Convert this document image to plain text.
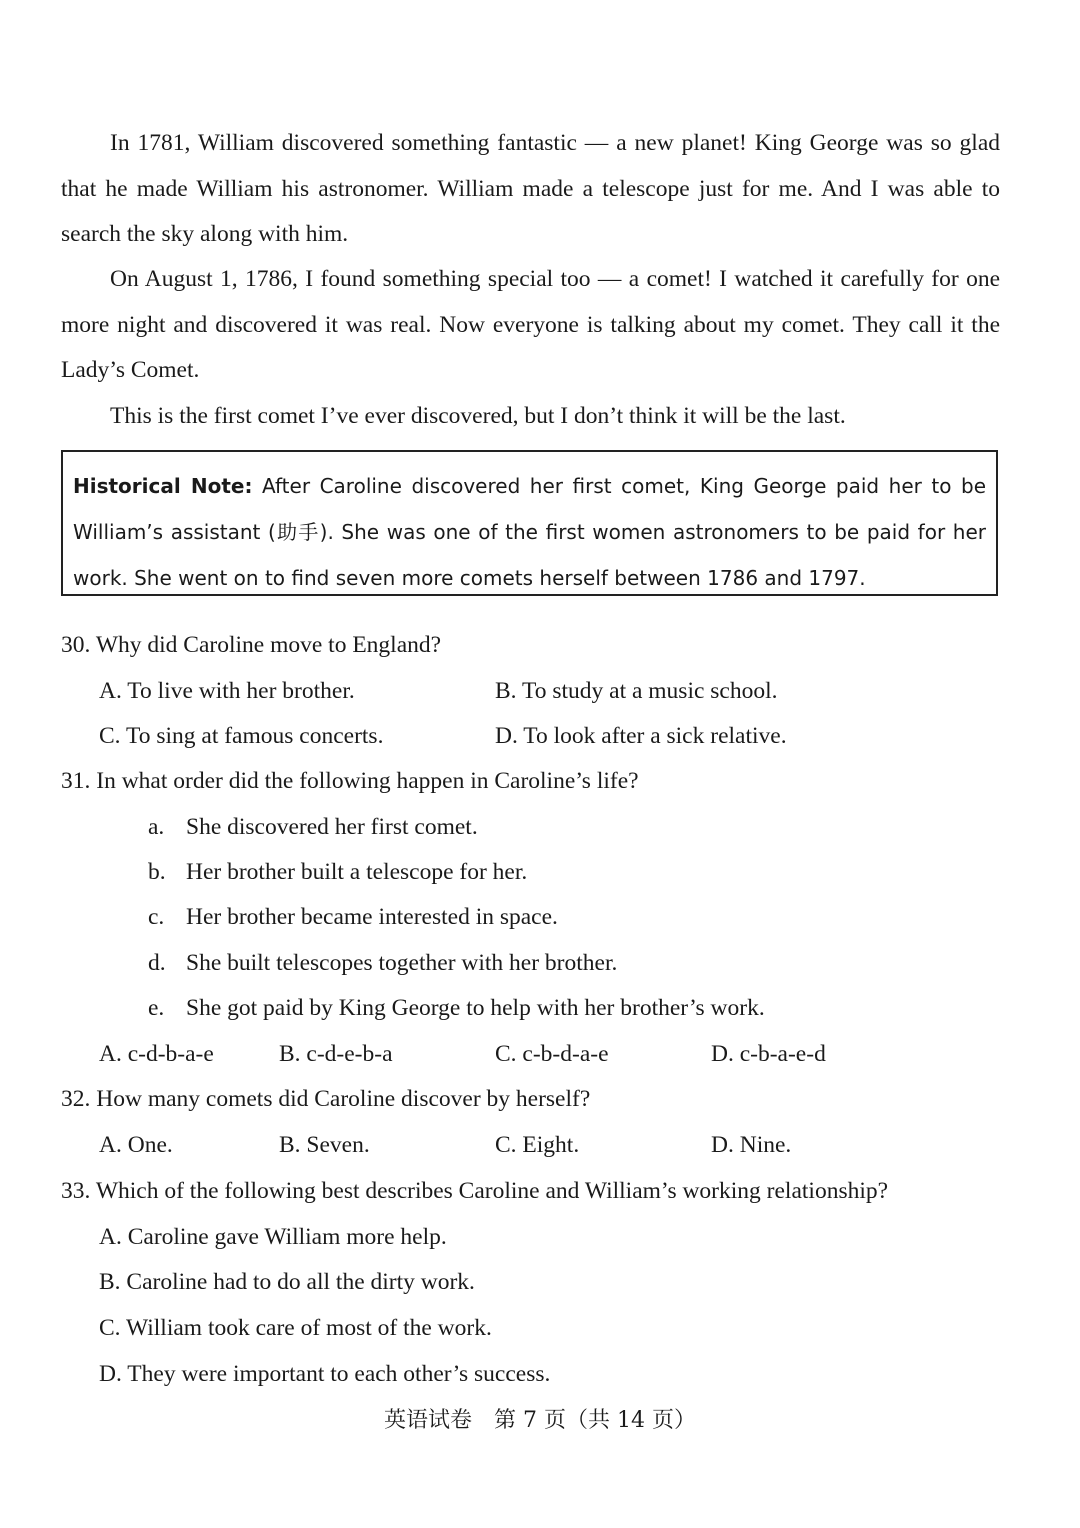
In 1781, William discovered something fantastic — a new planet! King George was so glad that he made William his astronomer. William made a telescope just for me. And I was able to search the sky along with him.

On August 1, 1786, I found something special too — a comet! I watched it carefully for one more night and discovered it was real. Now everyone is talking about my comet. They call it the Lady’s Comet.

This is the first comet I’ve ever discovered, but I don’t think it will be the last.

Historical Note: After Caroline discovered her first comet, King George paid her to be William’s assistant (助手). She was one of the first women astronomers to be paid for her work. She went on to find seven more comets herself between 1786 and 1797.
30. Why did Caroline move to England?
A. To live with her brother.	B. To study at a music school.
C. To sing at famous concerts.	D. To look after a sick relative.
31. In what order did the following happen in Caroline’s life?
a. She discovered her first comet.
b. Her brother built a telescope for her.
c. Her brother became interested in space.
d. She built telescopes together with her brother.
e. She got paid by King George to help with her brother’s work.
A. c-d-b-a-e	B. c-d-e-b-a	C. c-b-d-a-e	D. c-b-a-e-d
32. How many comets did Caroline discover by herself?
A. One.	B. Seven.	C. Eight.	D. Nine.
33. Which of the following best describes Caroline and William’s working relationship?
A. Caroline gave William more help.
B. Caroline had to do all the dirty work.
C. William took care of most of the work.
D. They were important to each other’s success.
英语试卷　第 7 页（共 14 页）
